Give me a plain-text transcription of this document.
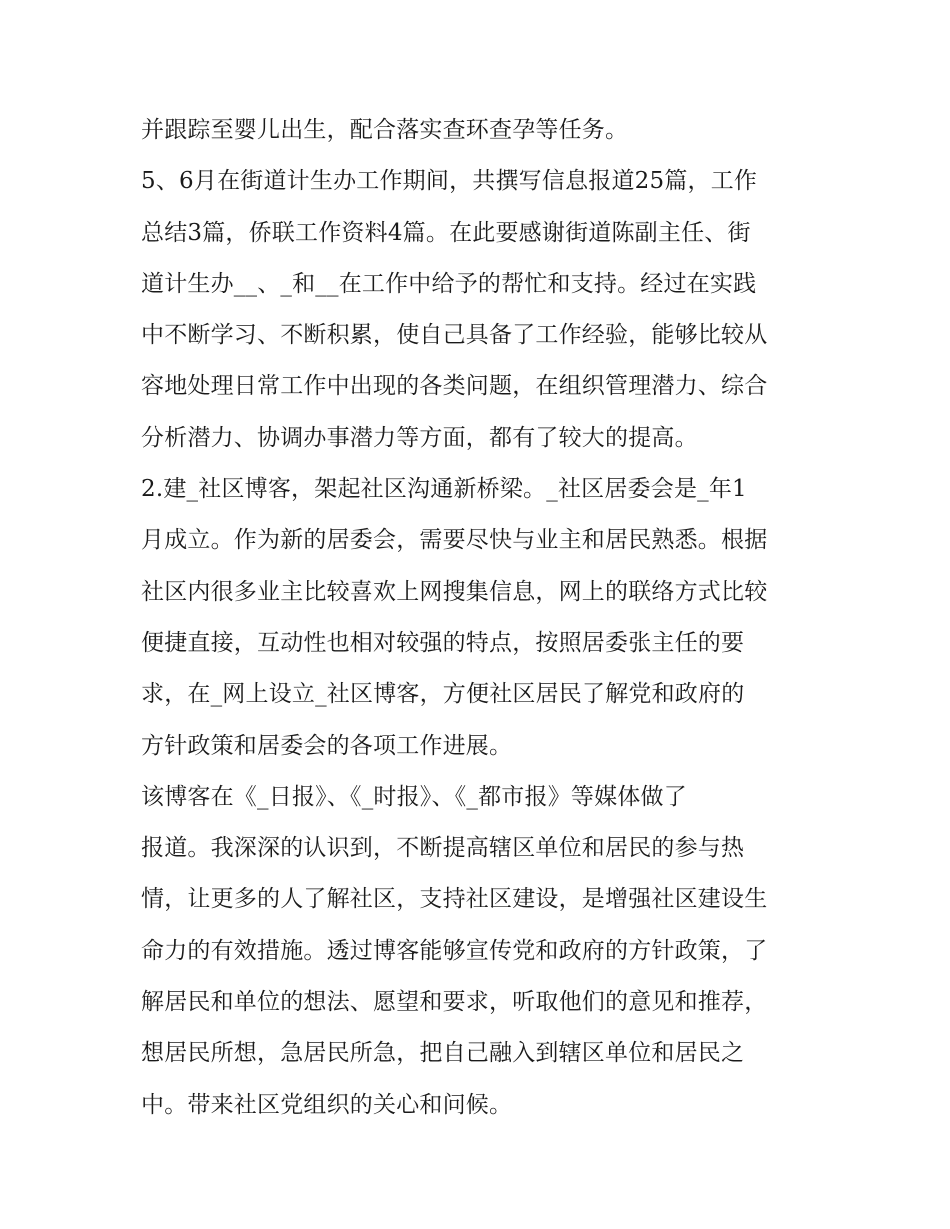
并跟踪至婴儿出生，配合落实查环查孕等任务。
5、6月在街道计生办工作期间，共撰写信息报道25篇，工作
总结3篇，侨联工作资料4篇。在此要感谢街道陈副主任、街
道计生办__、_和__在工作中给予的帮忙和支持。经过在实践
中不断学习、不断积累，使自己具备了工作经验，能够比较从
容地处理日常工作中出现的各类问题，在组织管理潜力、综合
分析潜力、协调办事潜力等方面，都有了较大的提高。
2.建_社区博客，架起社区沟通新桥梁。_社区居委会是_年1
月成立。作为新的居委会，需要尽快与业主和居民熟悉。根据
社区内很多业主比较喜欢上网搜集信息，网上的联络方式比较
便捷直接，互动性也相对较强的特点，按照居委张主任的要
求，在_网上设立_社区博客，方便社区居民了解党和政府的
方针政策和居委会的各项工作进展。
该博客在《_日报》、《_时报》、《_都市报》等媒体做了
报道。我深深的认识到，不断提高辖区单位和居民的参与热
情，让更多的人了解社区，支持社区建设，是增强社区建设生
命力的有效措施。透过博客能够宣传党和政府的方针政策，了
解居民和单位的想法、愿望和要求，听取他们的意见和推荐，
想居民所想，急居民所急，把自己融入到辖区单位和居民之
中。带来社区党组织的关心和问候。
